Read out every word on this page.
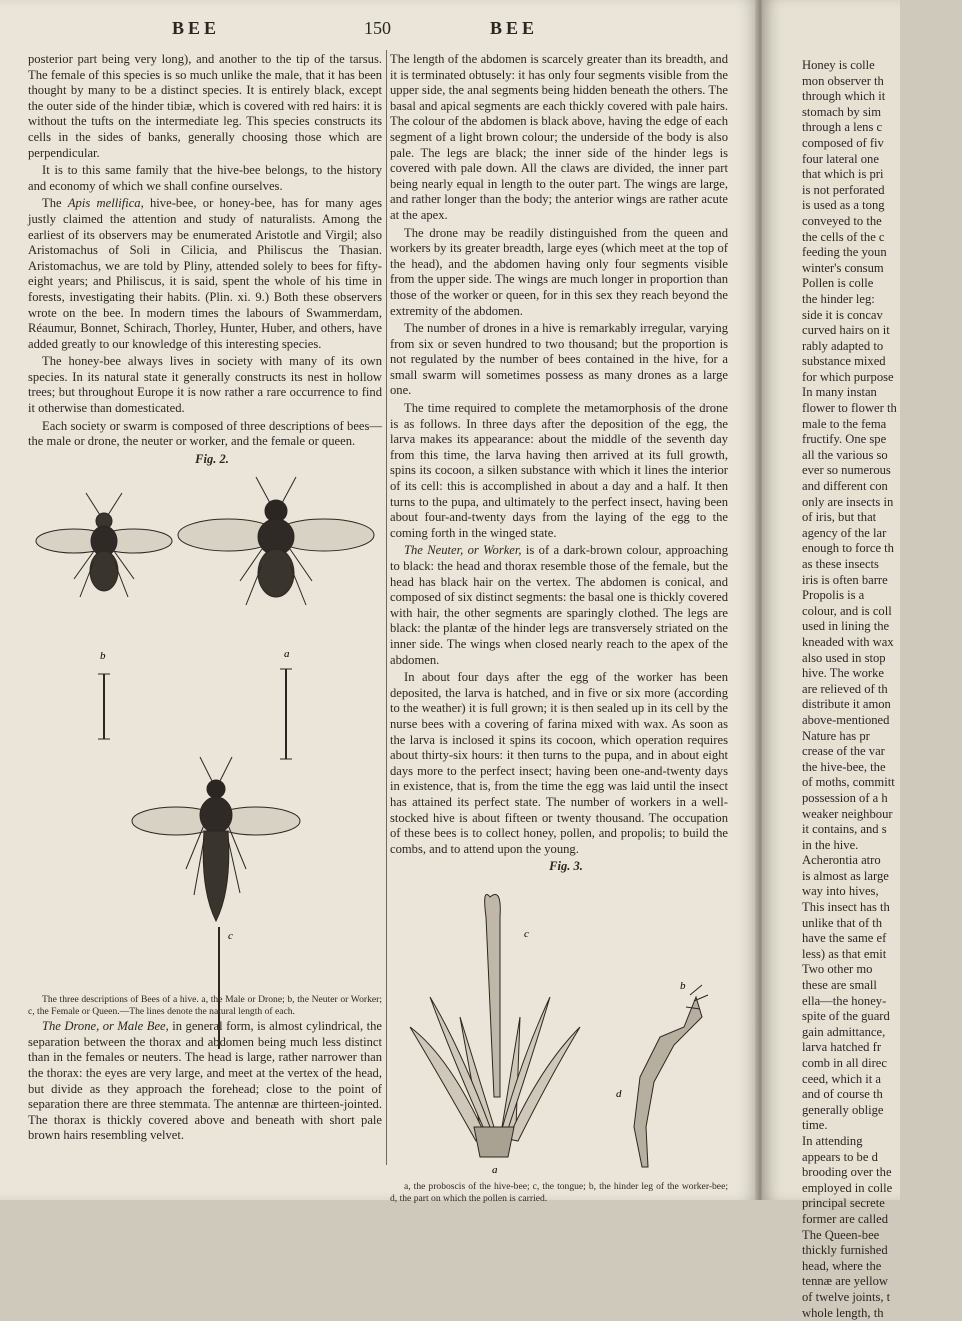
BEE	150	BEE

posterior part being very long), and another to the tip of the tarsus. The female of this species is so much unlike the male, that it has been thought by many to be a distinct species. It is entirely black, except the outer side of the hinder tibiæ, which is covered with red hairs: it is without the tufts on the intermediate leg. This species constructs its cells in the sides of banks, generally choosing those which are perpendicular.

It is to this same family that the hive-bee belongs, to the history and economy of which we shall confine ourselves.

The Apis mellifica, hive-bee, or honey-bee, has for many ages justly claimed the attention and study of naturalists. Among the earliest of its observers may be enumerated Aristotle and Virgil; also Aristomachus of Soli in Cilicia, and Philiscus the Thasian. Aristomachus, we are told by Pliny, attended solely to bees for fifty-eight years; and Philiscus, it is said, spent the whole of his time in forests, investigating their habits. (Plin. xi. 9.) Both these observers wrote on the bee. In modern times the labours of Swammerdam, Réaumur, Bonnet, Schirach, Thorley, Hunter, Huber, and others, have added greatly to our knowledge of this interesting species.

The honey-bee always lives in society with many of its own species. In its natural state it generally constructs its nest in hollow trees; but throughout Europe it is now rather a rare occurrence to find it otherwise than domesticated.

Each society or swarm is composed of three descriptions of bees—the male or drone, the neuter or worker, and the female or queen.

Fig. 2.

b	a
c

The three descriptions of Bees of a hive. a, the Male or Drone; b, the Neuter or Worker; c, the Female or Queen.—The lines denote the natural length of each.

The Drone, or Male Bee, in general form, is almost cylindrical, the separation between the thorax and abdomen being much less distinct than in the females or neuters. The head is large, rather narrower than the thorax: the eyes are very large, and meet at the vertex of the head, but divide as they approach the forehead; close to the point of separation there are three stemmata. The antennæ are thirteen-jointed. The thorax is thickly covered above and beneath with short pale brown hairs resembling velvet.

The length of the abdomen is scarcely greater than its breadth, and it is terminated obtusely: it has only four segments visible from the upper side, the anal segments being hidden beneath the others. The basal and apical segments are each thickly covered with pale hairs. The colour of the abdomen is black above, having the edge of each segment of a light brown colour; the underside of the body is also pale. The legs are black; the inner side of the hinder legs is covered with pale down. All the claws are divided, the inner part being nearly equal in length to the outer part. The wings are large, and rather longer than the body; the anterior wings are rather acute at the apex.

The drone may be readily distinguished from the queen and workers by its greater breadth, large eyes (which meet at the top of the head), and the abdomen having only four segments visible from the upper side. The wings are much longer in proportion than those of the worker or queen, for in this sex they reach beyond the extremity of the abdomen.

The number of drones in a hive is remarkably irregular, varying from six or seven hundred to two thousand; but the proportion is not regulated by the number of bees contained in the hive, for a small swarm will sometimes possess as many drones as a large one.

The time required to complete the metamorphosis of the drone is as follows. In three days after the deposition of the egg, the larva makes its appearance: about the middle of the seventh day from this time, the larva having then arrived at its full growth, spins its cocoon, a silken substance with which it lines the interior of its cell: this is accomplished in about a day and a half. It then turns to the pupa, and ultimately to the perfect insect, having been about four-and-twenty days from the laying of the egg to the coming forth in the winged state.

The Neuter, or Worker, is of a dark-brown colour, approaching to black: the head and thorax resemble those of the female, but the head has black hair on the vertex. The abdomen is conical, and composed of six distinct segments: the basal one is thickly covered with hair, the other segments are sparingly clothed. The legs are black: the plantæ of the hinder legs are transversely striated on the inner side. The wings when closed nearly reach to the apex of the abdomen.

In about four days after the egg of the worker has been deposited, the larva is hatched, and in five or six more (according to the weather) it is full grown; it is then sealed up in its cell by the nurse bees with a covering of farina mixed with wax. As soon as the larva is inclosed it spins its cocoon, which operation requires about thirty-six hours: it then turns to the pupa, and in about eight days more to the perfect insect; having been one-and-twenty days in existence, that is, from the time the egg was laid until the insect has attained its perfect state. The number of workers in a well-stocked hive is about fifteen or twenty thousand. The occupation of these bees is to collect honey, pollen, and propolis; to build the combs, and to attend upon the young.

Fig. 3.

c
b
d
a

a, the proboscis of the hive-bee; c, the tongue; b, the hinder leg of the worker-bee; d, the part on which the pollen is carried.

Honey is colle
mon observer th
through which it
stomach by sim
through a lens c
composed of fiv
four lateral one
that which is pri
is not perforated
is used as a tong
conveyed to the
the cells of the c
feeding the youn
winter's consum
Pollen is colle
the hinder leg:
side it is concav
curved hairs on it
rably adapted to
substance mixed
for which purpose
In many instan
flower to flower th
male to the fema
fructify. One spe
all the various so
ever so numerous
and different con
only are insects in
of iris, but that
agency of the lar
enough to force th
as these insects
iris is often barre
Propolis is a
colour, and is coll
used in lining the
kneaded with wax
also used in stop
hive. The worke
are relieved of th
distribute it amon
above-mentioned
Nature has pr
crease of the var
the hive-bee, the
of moths, committ
possession of a h
weaker neighbour
it contains, and s
in the hive.
Acherontia atro
is almost as large
way into hives,
This insect has th
unlike that of th
have the same ef
less) as that emit
Two other mo
these are small
ella—the honey-
spite of the guard
gain admittance,
larva hatched fr
comb in all direc
ceed, which it a
and of course th
generally oblige
time.
In attending
appears to be d
brooding over the
employed in colle
principal secrete
former are called
The Queen-bee
thickly furnished
head, where the
tennæ are yellow
of twelve joints, t
whole length, th
